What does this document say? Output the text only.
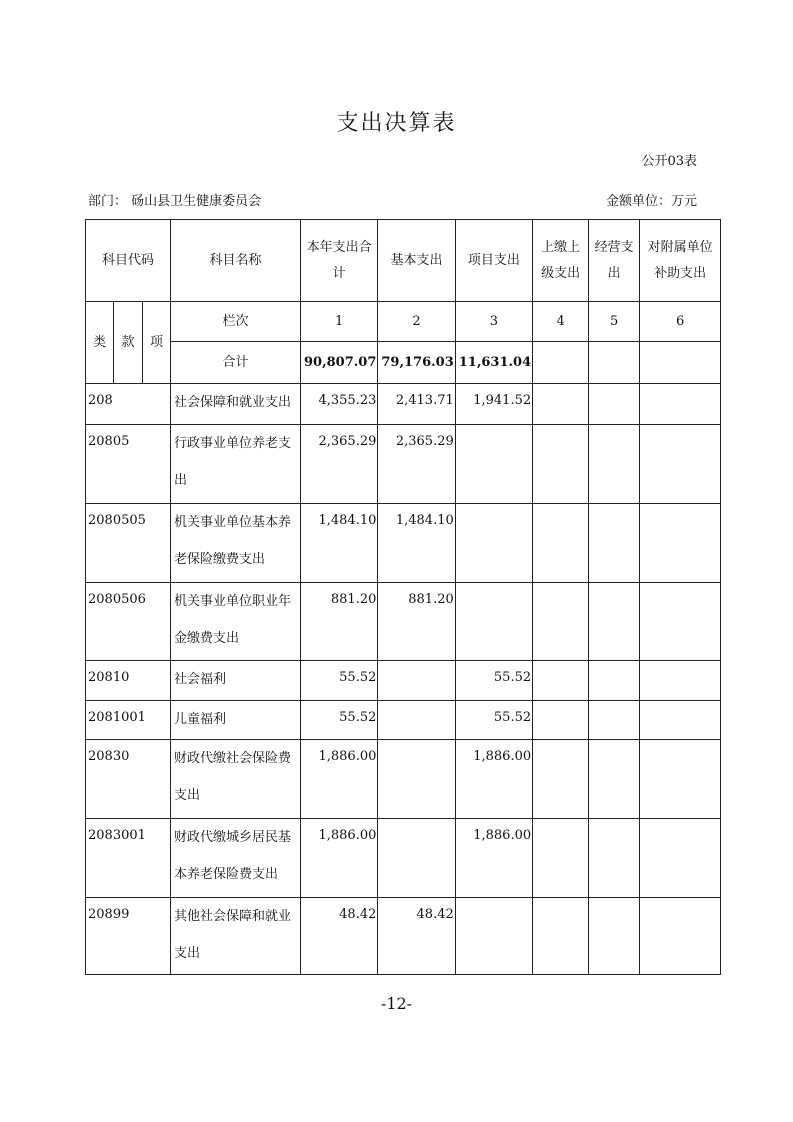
支出决算表
公开03表
部门： 砀山县卫生健康委员会	金额单位：万元
科目代码			科目名称	本年支出合计	基本支出	项目支出	上缴上级支出	经营支出	对附属单位补助支出
类	款	项	栏次	1	2	3	4	5	6
			合计	90,807.07	79,176.03	11,631.04			
208			社会保障和就业支出	4,355.23	2,413.71	1,941.52			
20805			行政事业单位养老支出	2,365.29	2,365.29				
2080505			机关事业单位基本养老保险缴费支出	1,484.10	1,484.10				
2080506			机关事业单位职业年金缴费支出	881.20	881.20				
20810			社会福利	55.52		55.52			
2081001			儿童福利	55.52		55.52			
20830			财政代缴社会保险费支出	1,886.00		1,886.00			
2083001			财政代缴城乡居民基本养老保险费支出	1,886.00		1,886.00			
20899			其他社会保障和就业支出	48.42	48.42				
-12-
